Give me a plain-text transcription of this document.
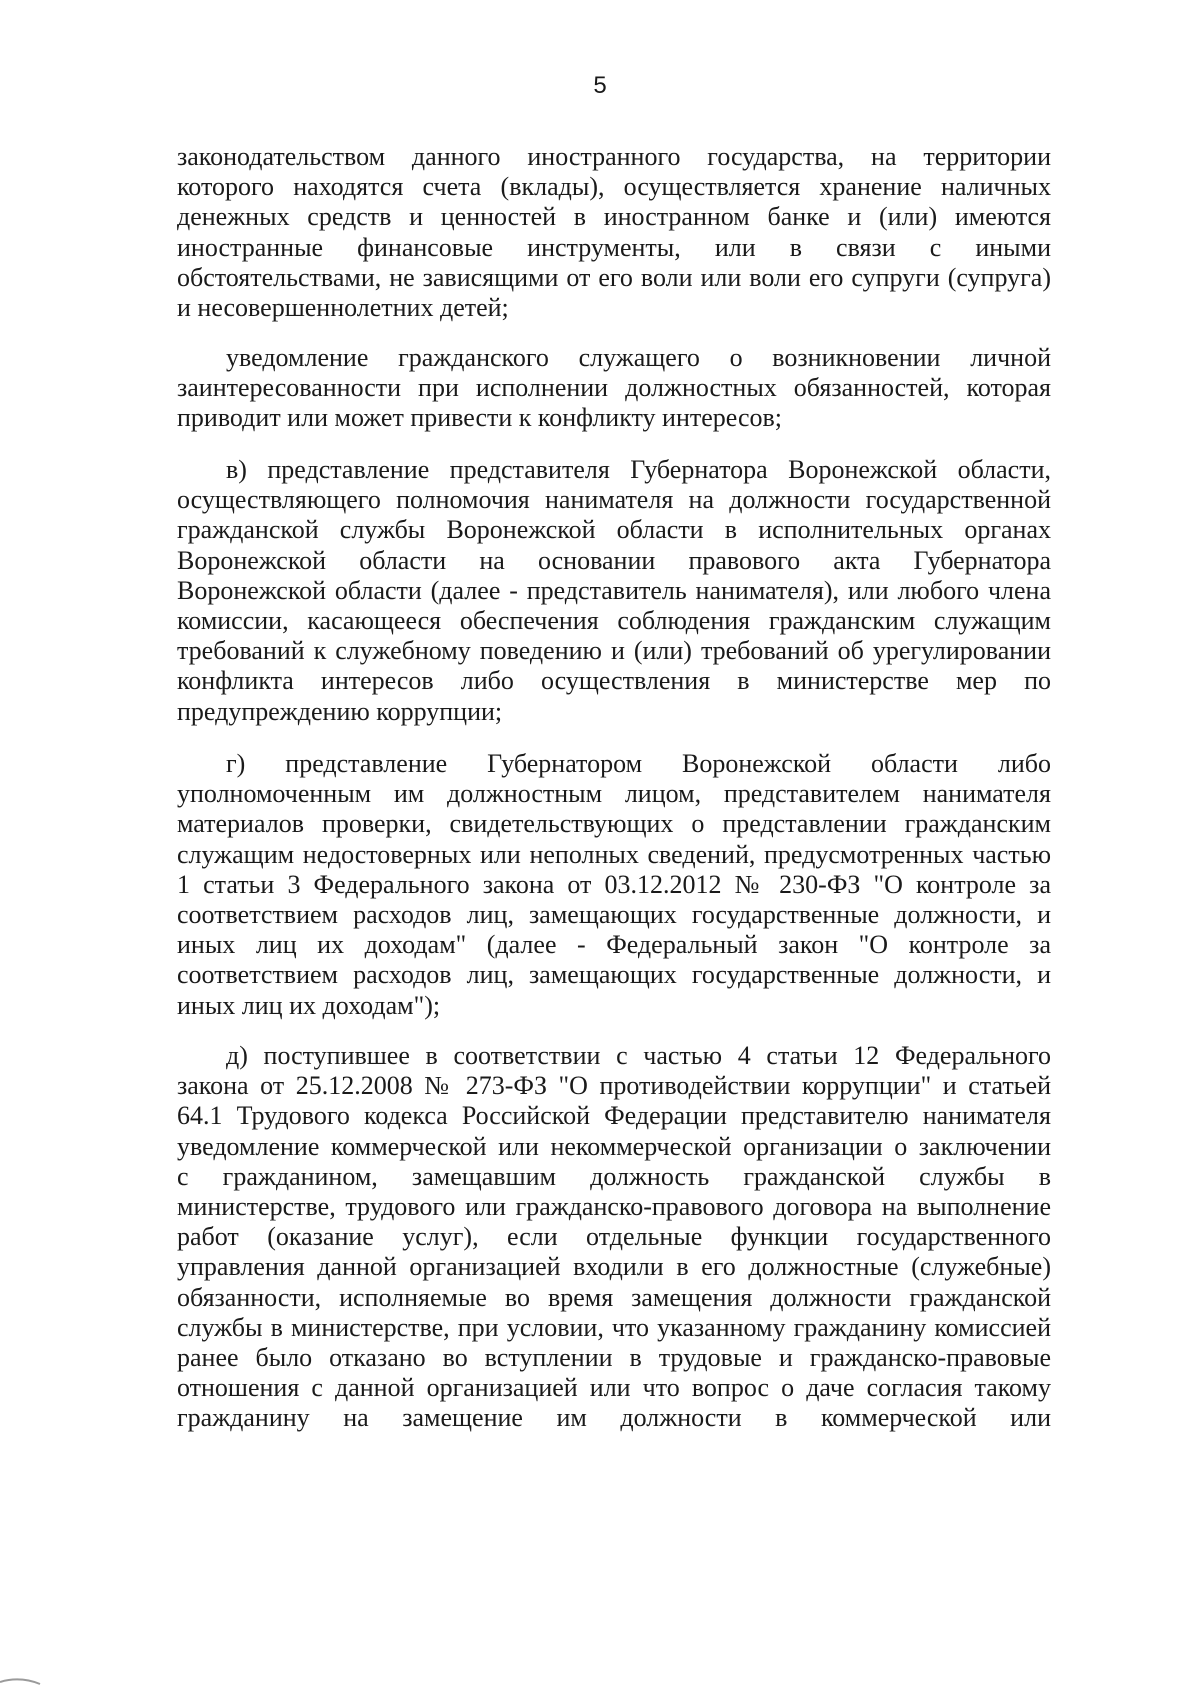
5
законодательством данного иностранного государства, на территории
которого находятся счета (вклады), осуществляется хранение наличных
денежных средств и ценностей в иностранном банке и (или) имеются
иностранные финансовые инструменты, или в связи с иными
обстоятельствами, не зависящими от его воли или воли его супруги (супруга)
и несовершеннолетних детей;
уведомление гражданского служащего о возникновении личной
заинтересованности при исполнении должностных обязанностей, которая
приводит или может привести к конфликту интересов;
в) представление представителя Губернатора Воронежской области,
осуществляющего полномочия нанимателя на должности государственной
гражданской службы Воронежской области в исполнительных органах
Воронежской области на основании правового акта Губернатора
Воронежской области (далее - представитель нанимателя), или любого члена
комиссии, касающееся обеспечения соблюдения гражданским служащим
требований к служебному поведению и (или) требований об урегулировании
конфликта интересов либо осуществления в министерстве мер по
предупреждению коррупции;
г) представление Губернатором Воронежской области либо
уполномоченным им должностным лицом, представителем нанимателя
материалов проверки, свидетельствующих о представлении гражданским
служащим недостоверных или неполных сведений, предусмотренных частью
1 статьи 3 Федерального закона от 03.12.2012 № 230-ФЗ "О контроле за
соответствием расходов лиц, замещающих государственные должности, и
иных лиц их доходам" (далее - Федеральный закон "О контроле за
соответствием расходов лиц, замещающих государственные должности, и
иных лиц их доходам");
д) поступившее в соответствии с частью 4 статьи 12 Федерального
закона от 25.12.2008 № 273-ФЗ "О противодействии коррупции" и статьей
64.1 Трудового кодекса Российской Федерации представителю нанимателя
уведомление коммерческой или некоммерческой организации о заключении
с гражданином, замещавшим должность гражданской службы в
министерстве, трудового или гражданско-правового договора на выполнение
работ (оказание услуг), если отдельные функции государственного
управления данной организацией входили в его должностные (служебные)
обязанности, исполняемые во время замещения должности гражданской
службы в министерстве, при условии, что указанному гражданину комиссией
ранее было отказано во вступлении в трудовые и гражданско-правовые
отношения с данной организацией или что вопрос о даче согласия такому
гражданину на замещение им должности в коммерческой или
